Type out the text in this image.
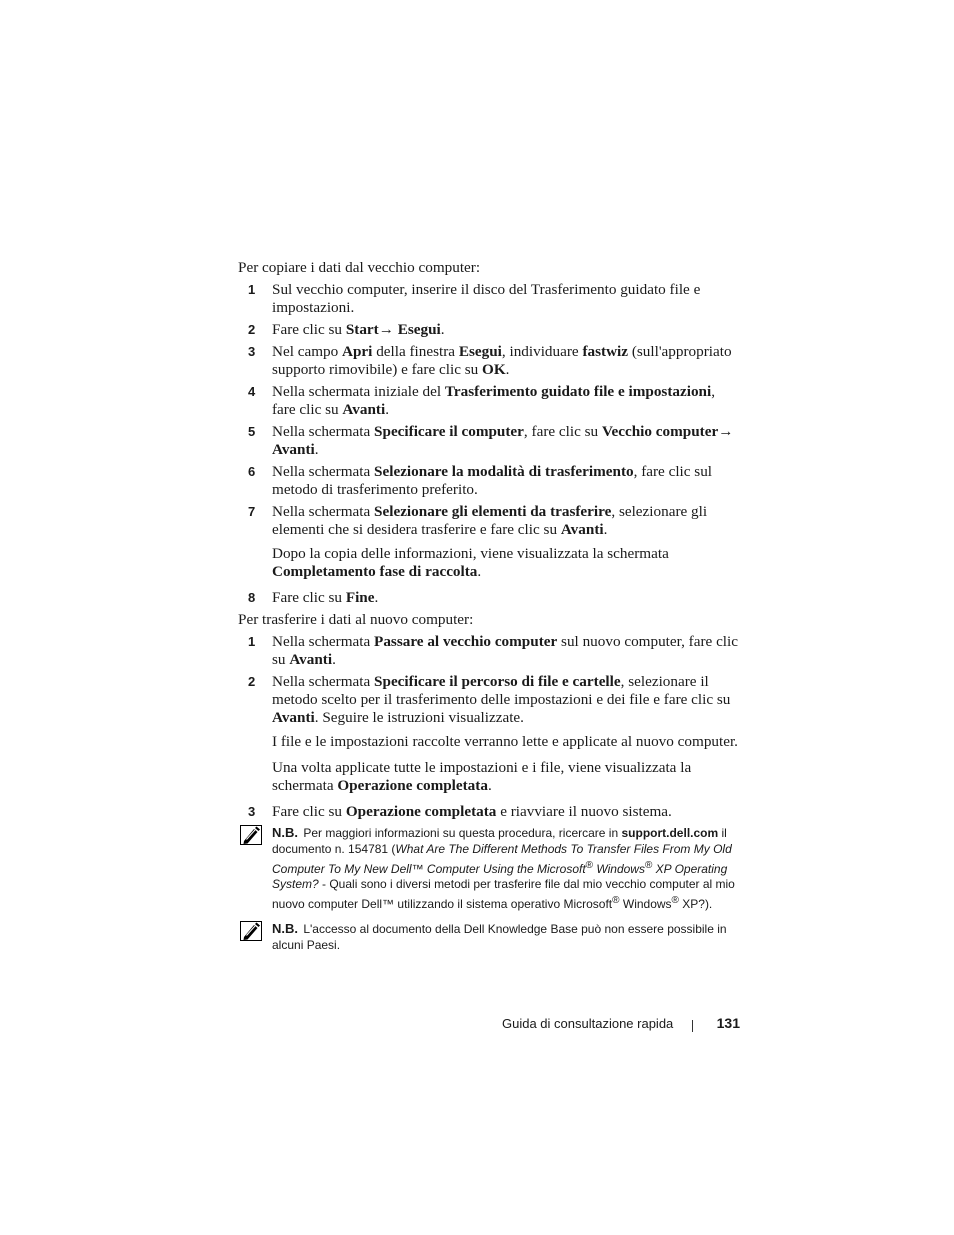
Per copiare i dati dal vecchio computer:

1 Sul vecchio computer, inserire il disco del Trasferimento guidato file e impostazioni.
2 Fare clic su Start→ Esegui.
3 Nel campo Apri della finestra Esegui, individuare fastwiz (sull'appropriato supporto rimovibile) e fare clic su OK.
4 Nella schermata iniziale del Trasferimento guidato file e impostazioni, fare clic su Avanti.
5 Nella schermata Specificare il computer, fare clic su Vecchio computer→ Avanti.
6 Nella schermata Selezionare la modalità di trasferimento, fare clic sul metodo di trasferimento preferito.
7 Nella schermata Selezionare gli elementi da trasferire, selezionare gli elementi che si desidera trasferire e fare clic su Avanti.

Dopo la copia delle informazioni, viene visualizzata la schermata Completamento fase di raccolta.

8 Fare clic su Fine.

Per trasferire i dati al nuovo computer:

1 Nella schermata Passare al vecchio computer sul nuovo computer, fare clic su Avanti.
2 Nella schermata Specificare il percorso di file e cartelle, selezionare il metodo scelto per il trasferimento delle impostazioni e dei file e fare clic su Avanti. Seguire le istruzioni visualizzate.

I file e le impostazioni raccolte verranno lette e applicate al nuovo computer.

Una volta applicate tutte le impostazioni e i file, viene visualizzata la schermata Operazione completata.

3 Fare clic su Operazione completata e riavviare il nuovo sistema.
N.B. Per maggiori informazioni su questa procedura, ricercare in support.dell.com il documento n. 154781 (What Are The Different Methods To Transfer Files From My Old Computer To My New Dell™ Computer Using the Microsoft® Windows® XP Operating System? - Quali sono i diversi metodi per trasferire file dal mio vecchio computer al mio nuovo computer Dell™ utilizzando il sistema operativo Microsoft® Windows® XP?).
N.B. L'accesso al documento della Dell Knowledge Base può non essere possibile in alcuni Paesi.
Guida di consultazione rapida	131
